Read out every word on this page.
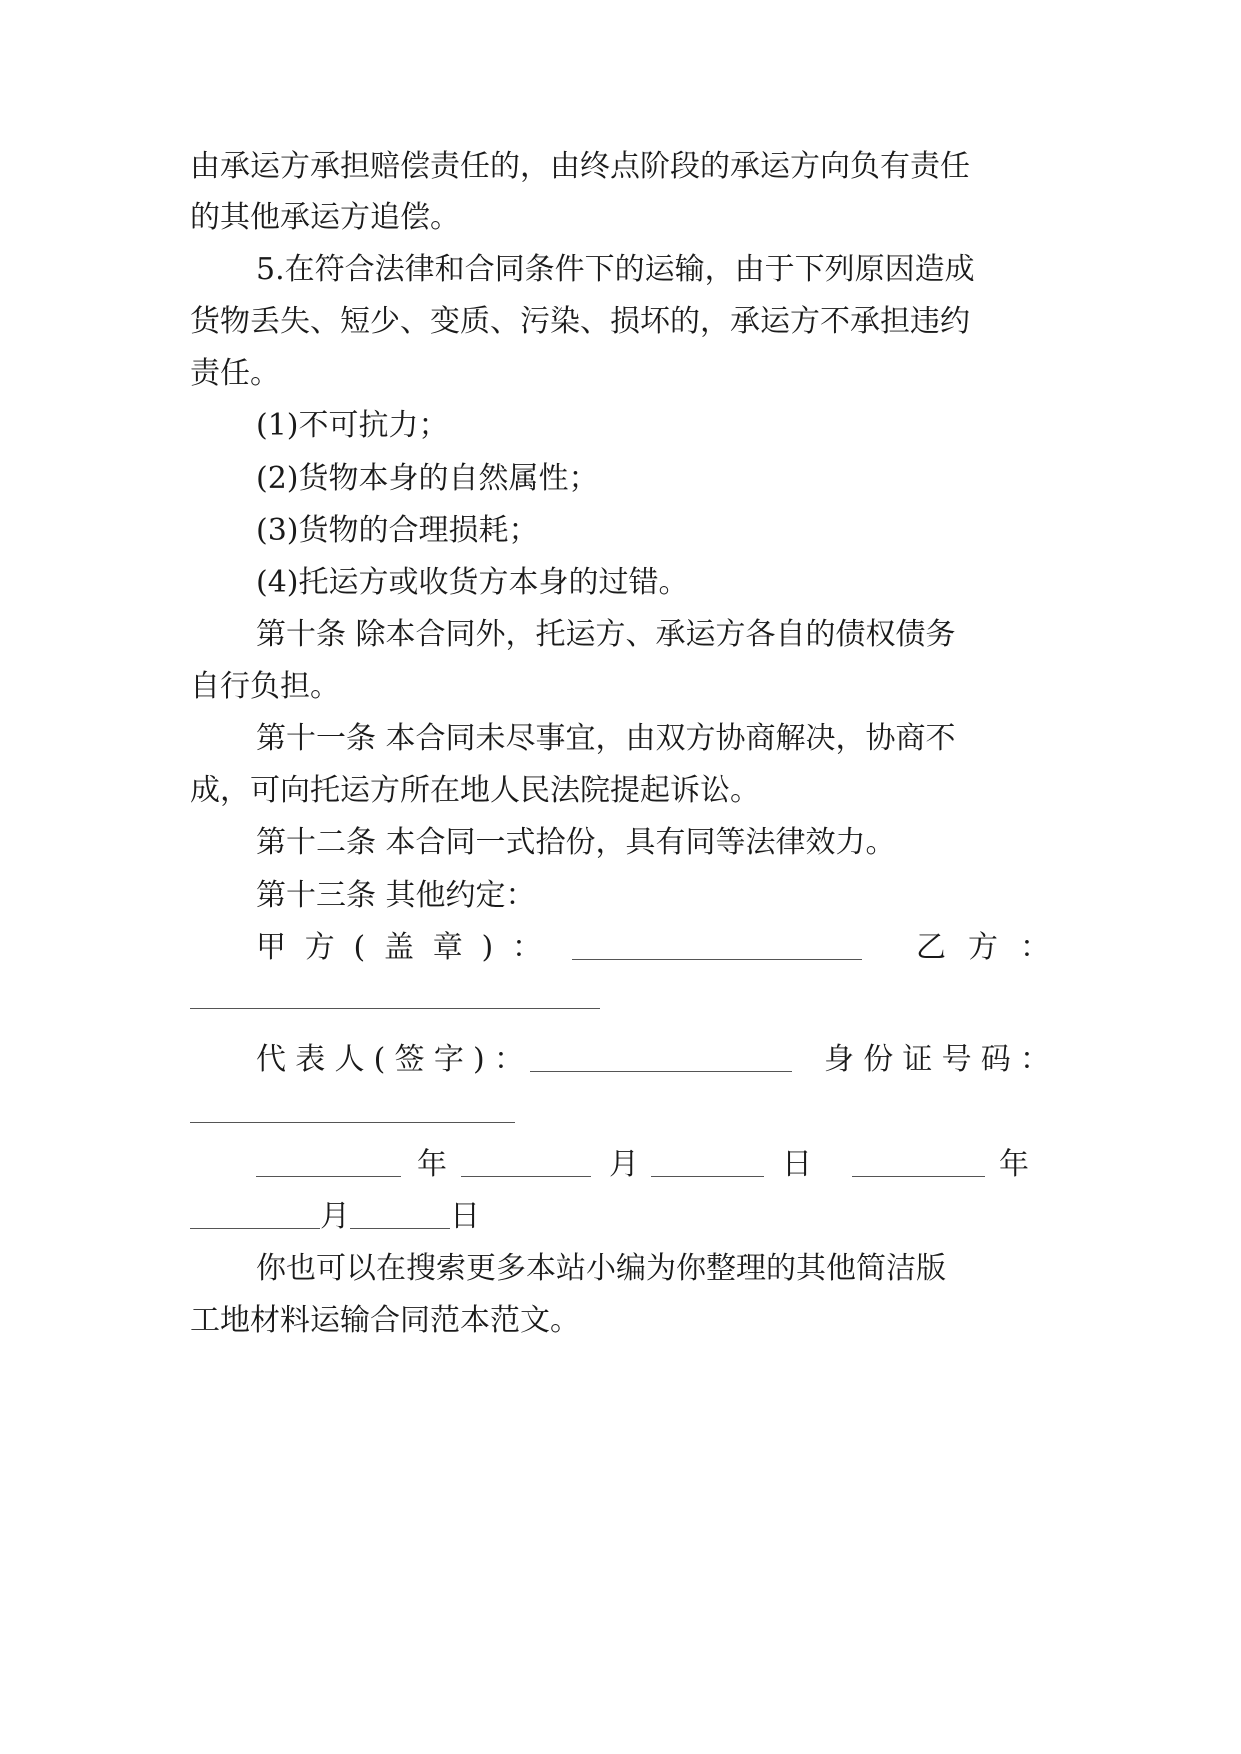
由承运方承担赔偿责任的，由终点阶段的承运方向负有责任
的其他承运方追偿。
5.在符合法律和合同条件下的运输，由于下列原因造成
货物丢失、短少、变质、污染、损坏的，承运方不承担违约
责任。
(1)不可抗力；
(2)货物本身的自然属性；
(3)货物的合理损耗；
(4)托运方或收货方本身的过错。
第十条 除本合同外，托运方、承运方各自的债权债务
自行负担。
第十一条 本合同未尽事宜，由双方协商解决，协商不
成，可向托运方所在地人民法院提起诉讼。
第十二条 本合同一式拾份，具有同等法律效力。
第十三条 其他约定：
甲 方 ( 盖 章 ) ：	乙 方 ：
代 表 人 ( 签 字 ) ：	身 份 证 号 码 ：
年	月	日	年
月	日
你也可以在搜索更多本站小编为你整理的其他简洁版
工地材料运输合同范本范文。
